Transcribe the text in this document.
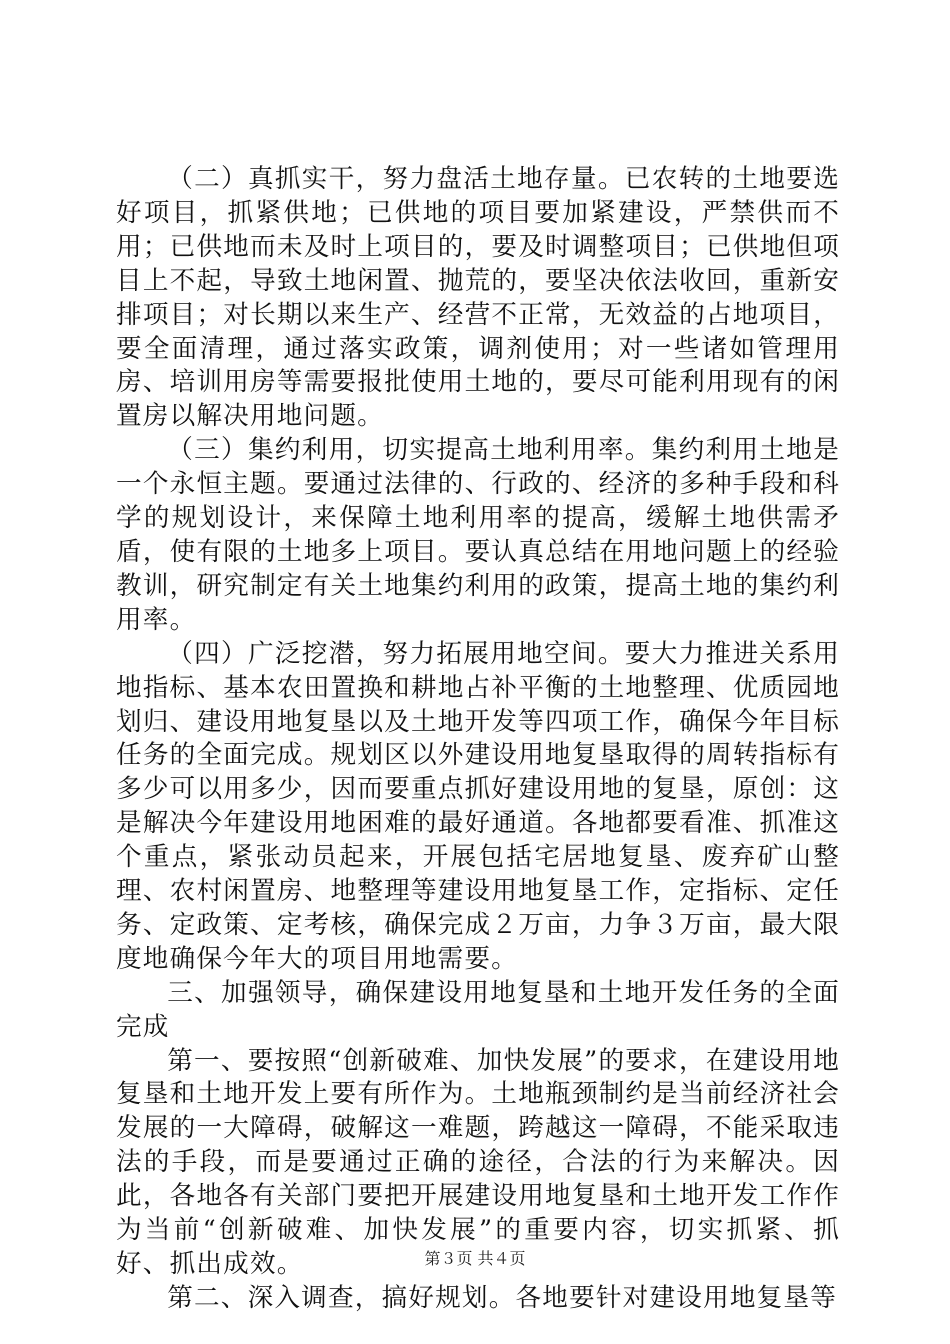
（二）真抓实干，努力盘活土地存量。已农转的土地要选好项目，抓紧供地；已供地的项目要加紧建设，严禁供而不用；已供地而未及时上项目的，要及时调整项目；已供地但项目上不起，导致土地闲置、抛荒的，要坚决依法收回，重新安排项目；对长期以来生产、经营不正常，无效益的占地项目，要全面清理，通过落实政策，调剂使用；对一些诸如管理用房、培训用房等需要报批使用土地的，要尽可能利用现有的闲置房以解决用地问题。

（三）集约利用，切实提高土地利用率。集约利用土地是一个永恒主题。要通过法律的、行政的、经济的多种手段和科学的规划设计，来保障土地利用率的提高，缓解土地供需矛盾，使有限的土地多上项目。要认真总结在用地问题上的经验教训，研究制定有关土地集约利用的政策，提高土地的集约利用率。

（四）广泛挖潜，努力拓展用地空间。要大力推进关系用地指标、基本农田置换和耕地占补平衡的土地整理、优质园地划归、建设用地复垦以及土地开发等四项工作，确保今年目标任务的全面完成。规划区以外建设用地复垦取得的周转指标有多少可以用多少，因而要重点抓好建设用地的复垦，原创：这是解决今年建设用地困难的最好通道。各地都要看准、抓准这个重点，紧张动员起来，开展包括宅居地复垦、废弃矿山整理、农村闲置房、地整理等建设用地复垦工作，定指标、定任务、定政策、定考核，确保完成２万亩，力争３万亩，最大限度地确保今年大的项目用地需要。

三、加强领导，确保建设用地复垦和土地开发任务的全面完成

第一、要按照“创新破难、加快发展”的要求，在建设用地复垦和土地开发上要有所作为。土地瓶颈制约是当前经济社会发展的一大障碍，破解这一难题，跨越这一障碍，不能采取违法的手段，而是要通过正确的途径，合法的行为来解决。因此，各地各有关部门要把开展建设用地复垦和土地开发工作作为当前“创新破难、加快发展”的重要内容，切实抓紧、抓好、抓出成效。

第二、深入调查，搞好规划。各地要针对建设用地复垦等

第３页 共４页
